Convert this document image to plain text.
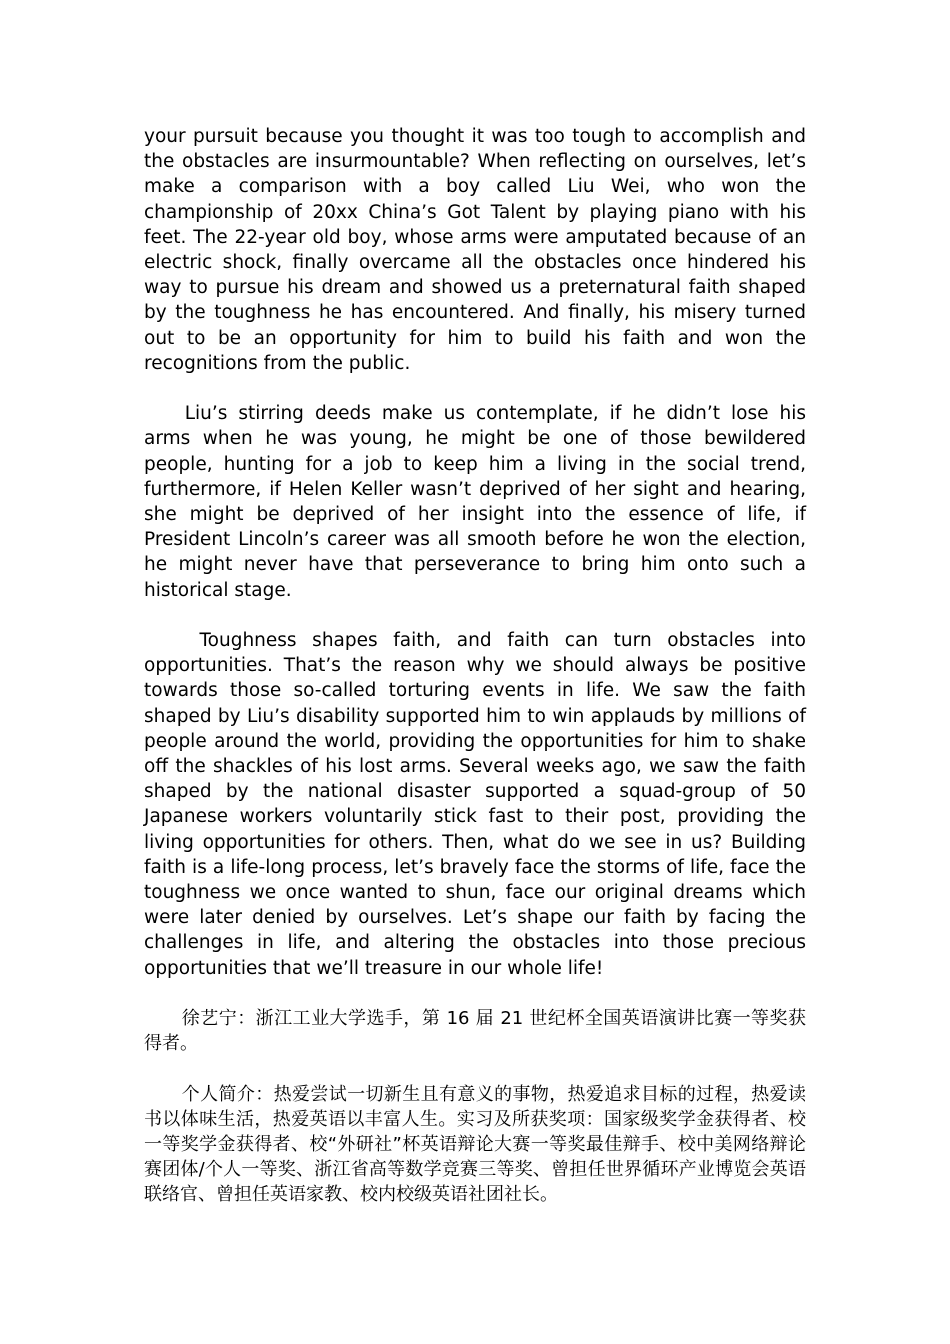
your pursuit because you thought it was too tough to accomplish and the obstacles are insurmountable? When reflecting on ourselves, let’s make a comparison with a boy called Liu Wei, who won the championship of 20xx China’s Got Talent by playing piano with his feet. The 22-year old boy, whose arms were amputated because of an electric shock, finally overcame all the obstacles once hindered his way to pursue his dream and showed us a preternatural faith shaped by the toughness he has encountered. And finally, his misery turned out to be an opportunity for him to build his faith and won the recognitions from the public.

Liu’s stirring deeds make us contemplate, if he didn’t lose his arms when he was young, he might be one of those bewildered people, hunting for a job to keep him a living in the social trend, furthermore, if Helen Keller wasn’t deprived of her sight and hearing, she might be deprived of her insight into the essence of life, if President Lincoln’s career was all smooth before he won the election, he might never have that perseverance to bring him onto such a historical stage.

Toughness shapes faith, and faith can turn obstacles into opportunities. That’s the reason why we should always be positive towards those so-called torturing events in life. We saw the faith shaped by Liu’s disability supported him to win applauds by millions of people around the world, providing the opportunities for him to shake off the shackles of his lost arms. Several weeks ago, we saw the faith shaped by the national disaster supported a squad-group of 50 Japanese workers voluntarily stick fast to their post, providing the living opportunities for others. Then, what do we see in us? Building faith is a life-long process, let’s bravely face the storms of life, face the toughness we once wanted to shun, face our original dreams which were later denied by ourselves. Let’s shape our faith by facing the challenges in life, and altering the obstacles into those precious opportunities that we’ll treasure in our whole life!

徐艺宁：浙江工业大学选手，第 16 届 21 世纪杯全国英语演讲比赛一等奖获得者。

个人简介：热爱尝试一切新生且有意义的事物，热爱追求目标的过程，热爱读书以体味生活，热爱英语以丰富人生。实习及所获奖项：国家级奖学金获得者、校一等奖学金获得者、校“外研社”杯英语辩论大赛一等奖最佳辩手、校中美网络辩论赛团体/个人一等奖、浙江省高等数学竞赛三等奖、曾担任世界循环产业博览会英语联络官、曾担任英语家教、校内校级英语社团社长。
